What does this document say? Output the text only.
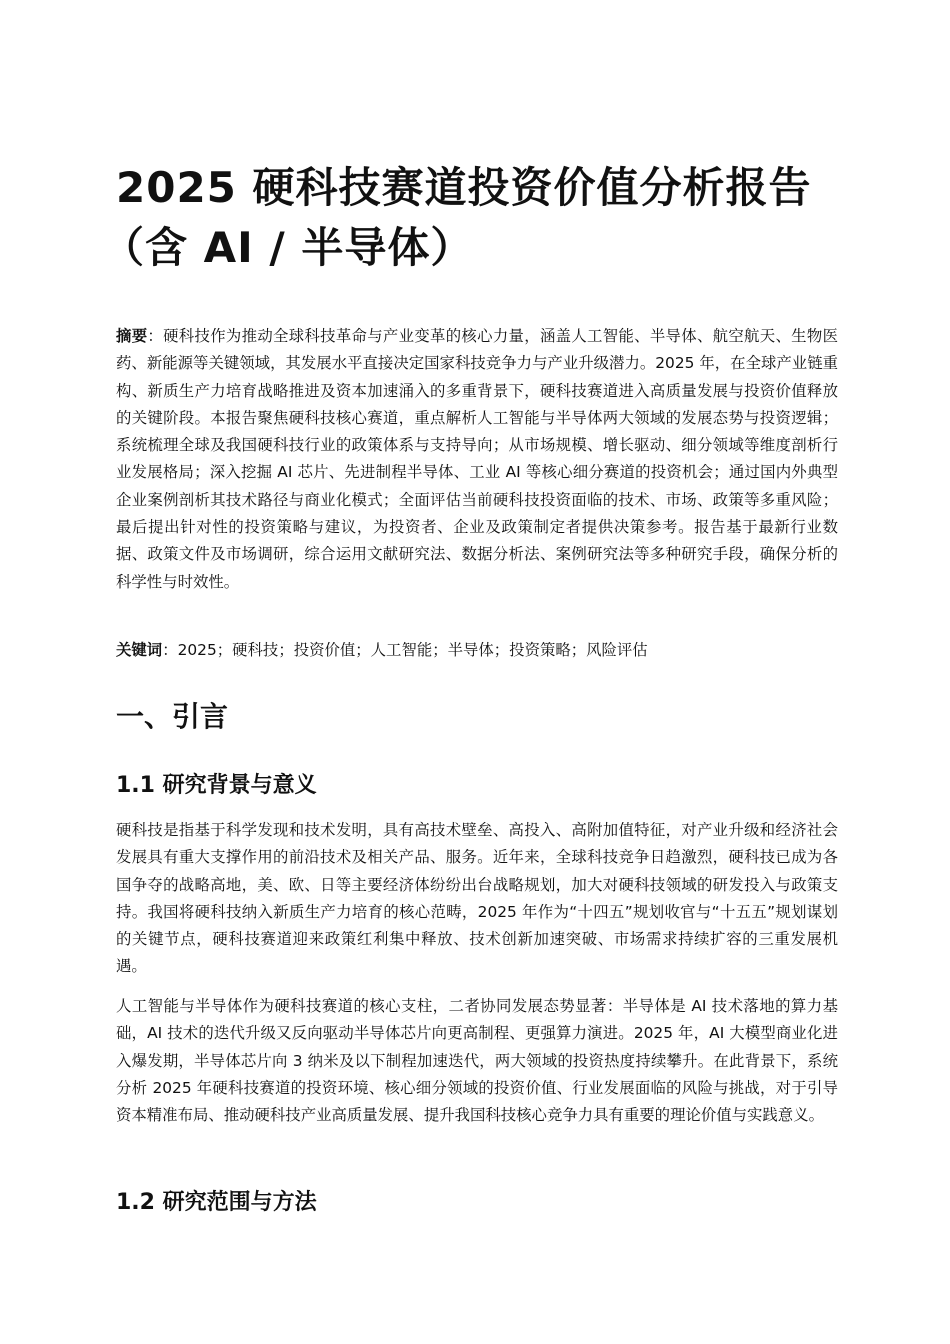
2025 硬科技赛道投资价值分析报告
（含 AI / 半导体）

摘要：硬科技作为推动全球科技革命与产业变革的核心力量，涵盖人工智能、半导体、航空航天、生物医药、新能源等关键领域，其发展水平直接决定国家科技竞争力与产业升级潜力。2025 年，在全球产业链重构、新质生产力培育战略推进及资本加速涌入的多重背景下，硬科技赛道进入高质量发展与投资价值释放的关键阶段。本报告聚焦硬科技核心赛道，重点解析人工智能与半导体两大领域的发展态势与投资逻辑；系统梳理全球及我国硬科技行业的政策体系与支持导向；从市场规模、增长驱动、细分领域等维度剖析行业发展格局；深入挖掘 AI 芯片、先进制程半导体、工业 AI 等核心细分赛道的投资机会；通过国内外典型企业案例剖析其技术路径与商业化模式；全面评估当前硬科技投资面临的技术、市场、政策等多重风险；最后提出针对性的投资策略与建议，为投资者、企业及政策制定者提供决策参考。报告基于最新行业数据、政策文件及市场调研，综合运用文献研究法、数据分析法、案例研究法等多种研究手段，确保分析的科学性与时效性。

关键词：2025；硬科技；投资价值；人工智能；半导体；投资策略；风险评估

一、引言
1.1 研究背景与意义

硬科技是指基于科学发现和技术发明，具有高技术壁垒、高投入、高附加值特征，对产业升级和经济社会发展具有重大支撑作用的前沿技术及相关产品、服务。近年来，全球科技竞争日趋激烈，硬科技已成为各国争夺的战略高地，美、欧、日等主要经济体纷纷出台战略规划，加大对硬科技领域的研发投入与政策支持。我国将硬科技纳入新质生产力培育的核心范畴，2025 年作为“十四五”规划收官与“十五五”规划谋划的关键节点，硬科技赛道迎来政策红利集中释放、技术创新加速突破、市场需求持续扩容的三重发展机遇。

人工智能与半导体作为硬科技赛道的核心支柱，二者协同发展态势显著：半导体是 AI 技术落地的算力基础，AI 技术的迭代升级又反向驱动半导体芯片向更高制程、更强算力演进。2025 年，AI 大模型商业化进入爆发期，半导体芯片向 3 纳米及以下制程加速迭代，两大领域的投资热度持续攀升。在此背景下，系统分析 2025 年硬科技赛道的投资环境、核心细分领域的投资价值、行业发展面临的风险与挑战，对于引导资本精准布局、推动硬科技产业高质量发展、提升我国科技核心竞争力具有重要的理论价值与实践意义。

1.2 研究范围与方法
